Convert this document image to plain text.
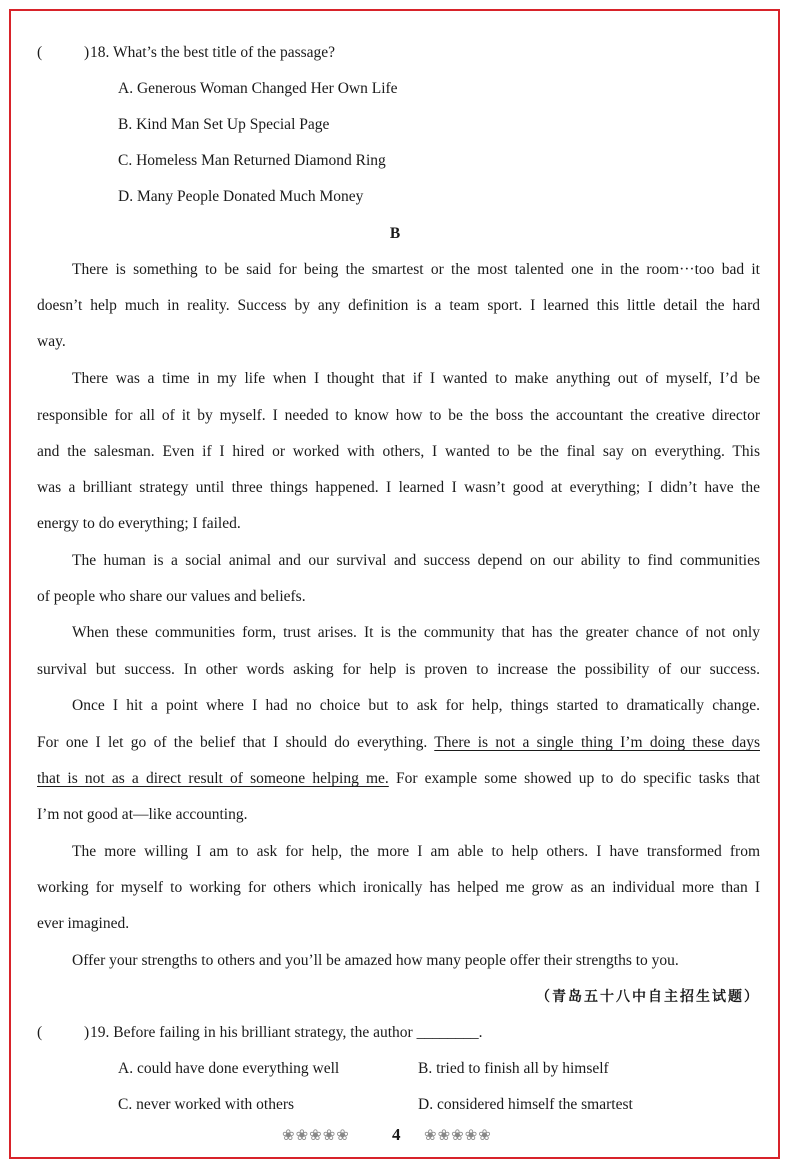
(	) 18. What’s the best title of the passage?
A. Generous Woman Changed Her Own Life
B. Kind Man Set Up Special Page
C. Homeless Man Returned Diamond Ring
D. Many People Donated Much Money
B
There is something to be said for being the smartest or the most talented one in the room···too bad it
doesn’t help much in reality. Success by any definition is a team sport. I learned this little detail the hard
way.
There was a time in my life when I thought that if I wanted to make anything out of myself, I’d be
responsible for all of it by myself. I needed to know how to be the boss the accountant the creative director
and the salesman. Even if I hired or worked with others, I wanted to be the final say on everything. This
was a brilliant strategy until three things happened. I learned I wasn’t good at everything; I didn’t have the
energy to do everything; I failed.
The human is a social animal and our survival and success depend on our ability to find communities
of people who share our values and beliefs.
When these communities form, trust arises. It is the community that has the greater chance of not only
survival but success. In other words asking for help is proven to increase the possibility of our success.
Once I hit a point where I had no choice but to ask for help, things started to dramatically change.
For one I let go of the belief that I should do everything. There is not a single thing I’m doing these days
that is not as a direct result of someone helping me. For example some showed up to do specific tasks that
I’m not good at—like accounting.
The more willing I am to ask for help, the more I am able to help others. I have transformed from
working for myself to working for others which ironically has helped me grow as an individual more than I
ever imagined.
Offer your strengths to others and you’ll be amazed how many people offer their strengths to you.
（青岛五十八中自主招生试题）
(	) 19. Before failing in his brilliant strategy, the author ________.
A. could have done everything well	B. tried to finish all by himself
C. never worked with others	D. considered himself the smartest
❀❀❀❀❀ 4 ❀❀❀❀❀
